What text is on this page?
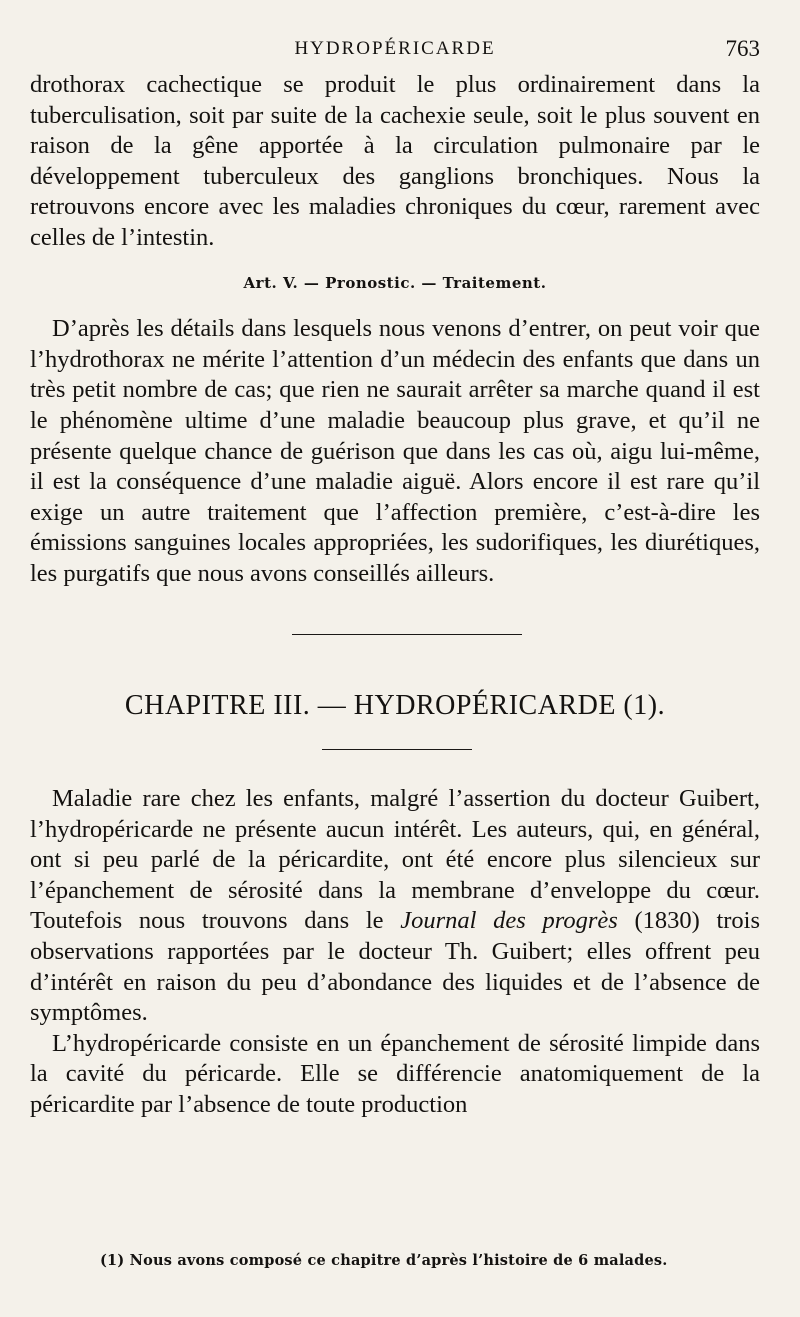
HYDROPÉRICARDE	763

drothorax cachectique se produit le plus ordinairement dans la tuberculisation, soit par suite de la cachexie seule, soit le plus souvent en raison de la gêne apportée à la circulation pulmonaire par le développement tuberculeux des ganglions bronchiques. Nous la retrouvons encore avec les maladies chroniques du cœur, rarement avec celles de l’intestin.

Art. V. — Pronostic. — Traitement.

D’après les détails dans lesquels nous venons d’entrer, on peut voir que l’hydrothorax ne mérite l’attention d’un médecin des enfants que dans un très petit nombre de cas; que rien ne saurait arrêter sa marche quand il est le phénomène ultime d’une maladie beaucoup plus grave, et qu’il ne présente quelque chance de guérison que dans les cas où, aigu lui-même, il est la conséquence d’une maladie aiguë. Alors encore il est rare qu’il exige un autre traitement que l’affection première, c’est-à-dire les émissions sanguines locales appropriées, les sudorifiques, les diurétiques, les purgatifs que nous avons conseillés ailleurs.

CHAPITRE III. — HYDROPÉRICARDE (1).

Maladie rare chez les enfants, malgré l’assertion du docteur Guibert, l’hydropéricarde ne présente aucun intérêt. Les auteurs, qui, en général, ont si peu parlé de la péricardite, ont été encore plus silencieux sur l’épanchement de sérosité dans la membrane d’enveloppe du cœur. Toutefois nous trouvons dans le Journal des progrès (1830) trois observations rapportées par le docteur Th. Guibert; elles offrent peu d’intérêt en raison du peu d’abondance des liquides et de l’absence de symptômes.

L’hydropéricarde consiste en un épanchement de sérosité limpide dans la cavité du péricarde. Elle se différencie anatomiquement de la péricardite par l’absence de toute production

(1) Nous avons composé ce chapitre d’après l’histoire de 6 malades.
